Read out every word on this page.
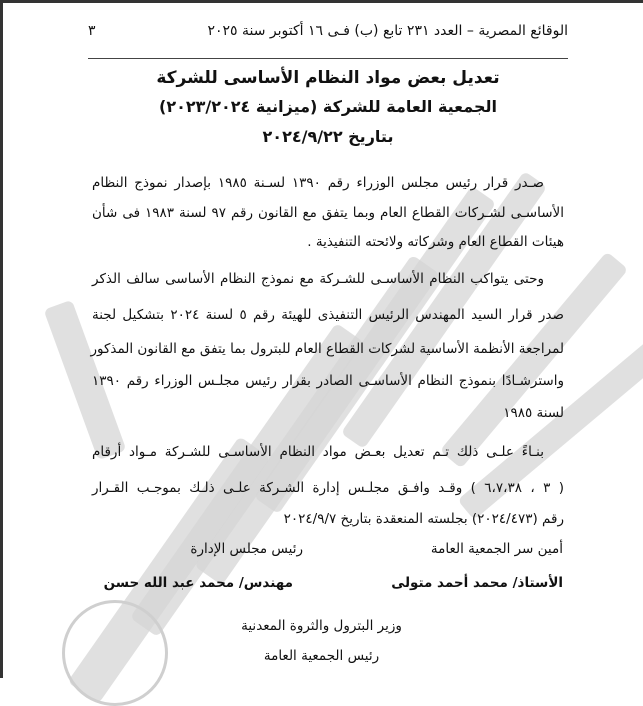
الوقائع المصرية – العدد ٢٣١ تابع (ب) فـى ١٦ أكتوبر سنة ٢٠٢٥
٣
تعديل بعض مواد النظام الأساسى للشركة
الجمعية العامة للشركة (ميزانية ٢٠٢٣/٢٠٢٤)
بتاريخ ٢٠٢٤/٩/٢٢
صـدر قرار رئيس مجلس الوزراء رقم ١٣٩٠ لسـنة ١٩٨٥ بإصدار نموذج النظام
الأساسـى لشـركات القطاع العام وبما يتفق مع القانون رقم ٩٧ لسنة ١٩٨٣ فى شأن
هيئات القطاع العام وشركاته ولائحته التنفيذية .
وحتى يتواكب النظام الأساسـى للشـركة مع نموذج النظام الأساسى سالف الذكر
صدر قرار السيد المهندس الرئيس التنفيذى للهيئة رقم ٥ لسنة ٢٠٢٤ بتشكيل لجنة
لمراجعة الأنظمة الأساسية لشركات القطاع العام للبترول بما يتفق مع القانون المذكور
واسترشـادًا بنموذج النظام الأساسـى الصادر بقرار رئيس مجلـس الوزراء رقم ١٣٩٠
لسنة ١٩٨٥
بنـاءً علـى ذلك تـم تعديل بعـض مواد النظام الأساسـى للشـركة مـواد أرقام
( ٣ ، ٦،٧،٣٨ ) وقـد وافـق مجلـس إدارة الشـركة علـى ذلـك بموجـب القـرار
رقم (٢٠٢٤/٤٧٣) بجلسته المنعقدة بتاريخ ٢٠٢٤/٩/٧
أمين سر الجمعية العامة
رئيس مجلس الإدارة
الأستاذ/ محمد أحمد متولى
مهندس/ محمد عبد الله حسن
وزير البترول والثروة المعدنية
رئيس الجمعية العامة
